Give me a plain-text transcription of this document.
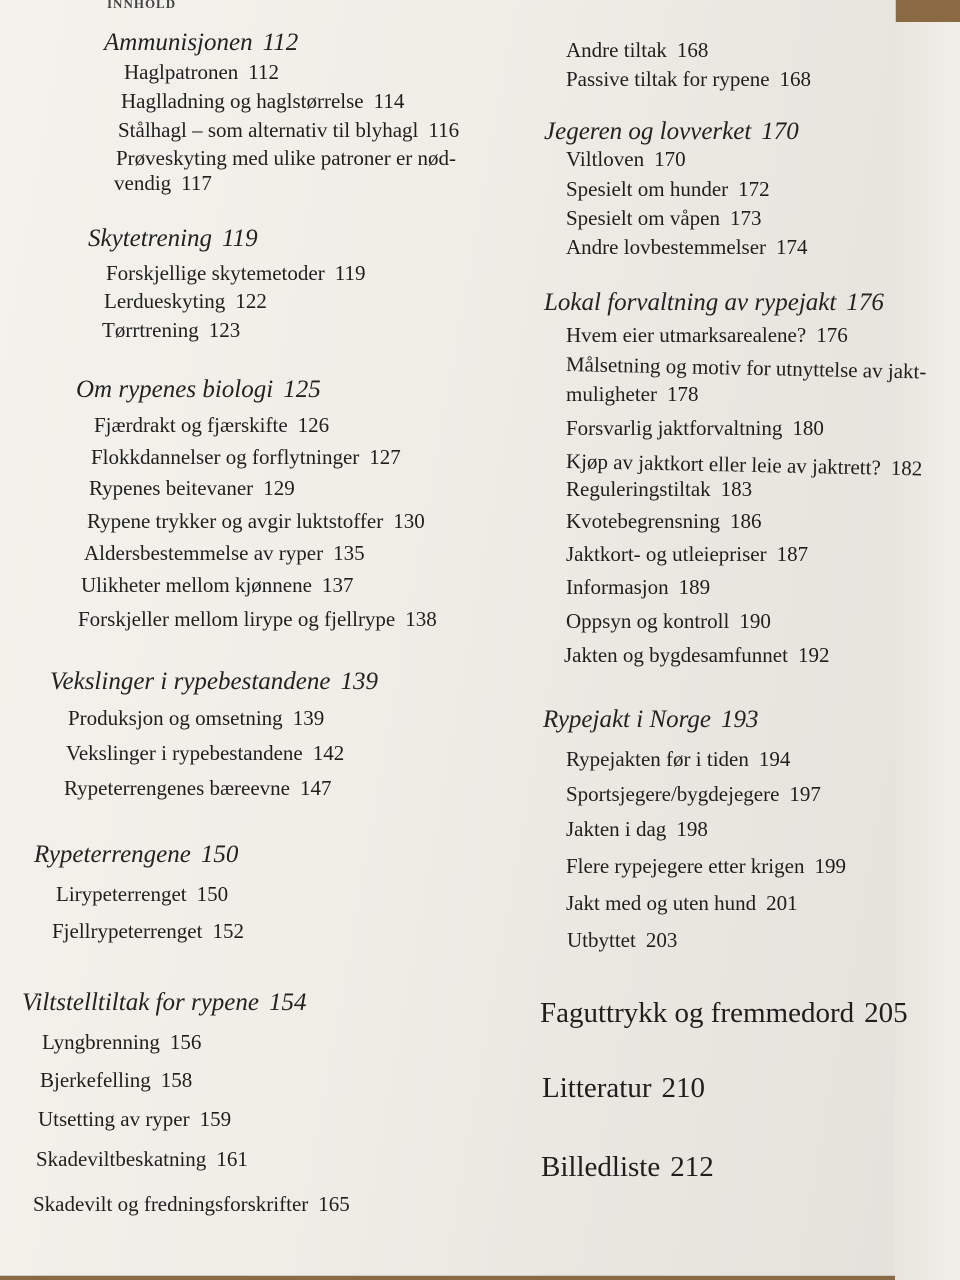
INNHOLD
Ammunisjonen 112
Haglpatronen 112
Haglladning og haglstørrelse 114
Stålhagl – som alternativ til blyhagl 116
Prøveskyting med ulike patroner er nød-
vendig 117
Skytetrening 119
Forskjellige skytemetoder 119
Lerdueskyting 122
Tørrtrening 123
Om rypenes biologi 125
Fjærdrakt og fjærskifte 126
Flokkdannelser og forflytninger 127
Rypenes beitevaner 129
Rypene trykker og avgir luktstoffer 130
Aldersbestemmelse av ryper 135
Ulikheter mellom kjønnene 137
Forskjeller mellom lirype og fjellrype 138
Vekslinger i rypebestandene 139
Produksjon og omsetning 139
Vekslinger i rypebestandene 142
Rypeterrengenes bæreevne 147
Rypeterrengene 150
Lirypeterrenget 150
Fjellrypeterrenget 152
Viltstelltiltak for rypene 154
Lyngbrenning 156
Bjerkefelling 158
Utsetting av ryper 159
Skadeviltbeskatning 161
Skadevilt og fredningsforskrifter 165
Andre tiltak 168
Passive tiltak for rypene 168
Jegeren og lovverket 170
Viltloven 170
Spesielt om hunder 172
Spesielt om våpen 173
Andre lovbestemmelser 174
Lokal forvaltning av rypejakt 176
Hvem eier utmarksarealene? 176
Målsetning og motiv for utnyttelse av jakt-
muligheter 178
Forsvarlig jaktforvaltning 180
Kjøp av jaktkort eller leie av jaktrett? 182
Reguleringstiltak 183
Kvotebegrensning 186
Jaktkort- og utleiepriser 187
Informasjon 189
Oppsyn og kontroll 190
Jakten og bygdesamfunnet 192
Rypejakt i Norge 193
Rypejakten før i tiden 194
Sportsjegere/bygdejegere 197
Jakten i dag 198
Flere rypejegere etter krigen 199
Jakt med og uten hund 201
Utbyttet 203
Faguttrykk og fremmedord 205
Litteratur 210
Billedliste 212
